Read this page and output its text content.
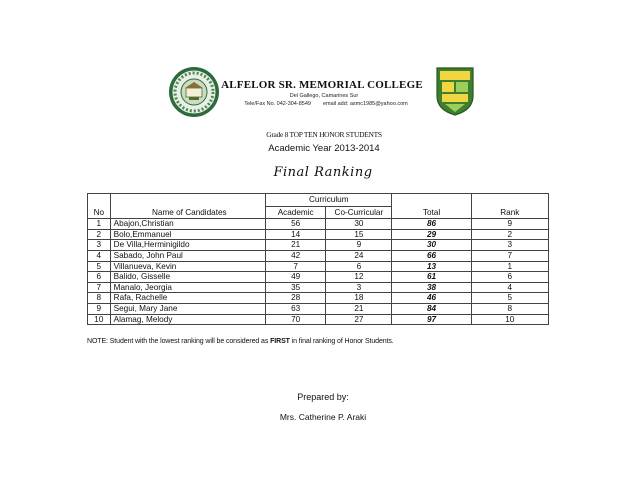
ALFELOR SR. MEMORIAL COLLEGE
Del Gallego, Camarines Sur
Tele/Fax No. 042-304-8549 email add: asmc1985@yahoo.com
Grade 8 TOP TEN HONOR STUDENTS
Academic Year 2013-2014
Final Ranking
No	Name of Candidates	Curriculum		Total	Rank
		Academic	Co-Curricular		
1	Abajon,Christian	56	30	86	9
2	Bolo,Emmanuel	14	15	29	2
3	De Villa,Herminigildo	21	9	30	3
4	Sabado, John Paul	42	24	66	7
5	Villanueva, Kevin	7	6	13	1
6	Balido, Gisselle	49	12	61	6
7	Manalo, Jeorgia	35	3	38	4
8	Rafa, Rachelle	28	18	46	5
9	Segui, Mary Jane	63	21	84	8
10	Alamag, Melody	70	27	97	10
NOTE: Student with the lowest ranking will be considered as FIRST in final ranking of Honor Students.
Prepared by:
Mrs. Catherine P. Araki
